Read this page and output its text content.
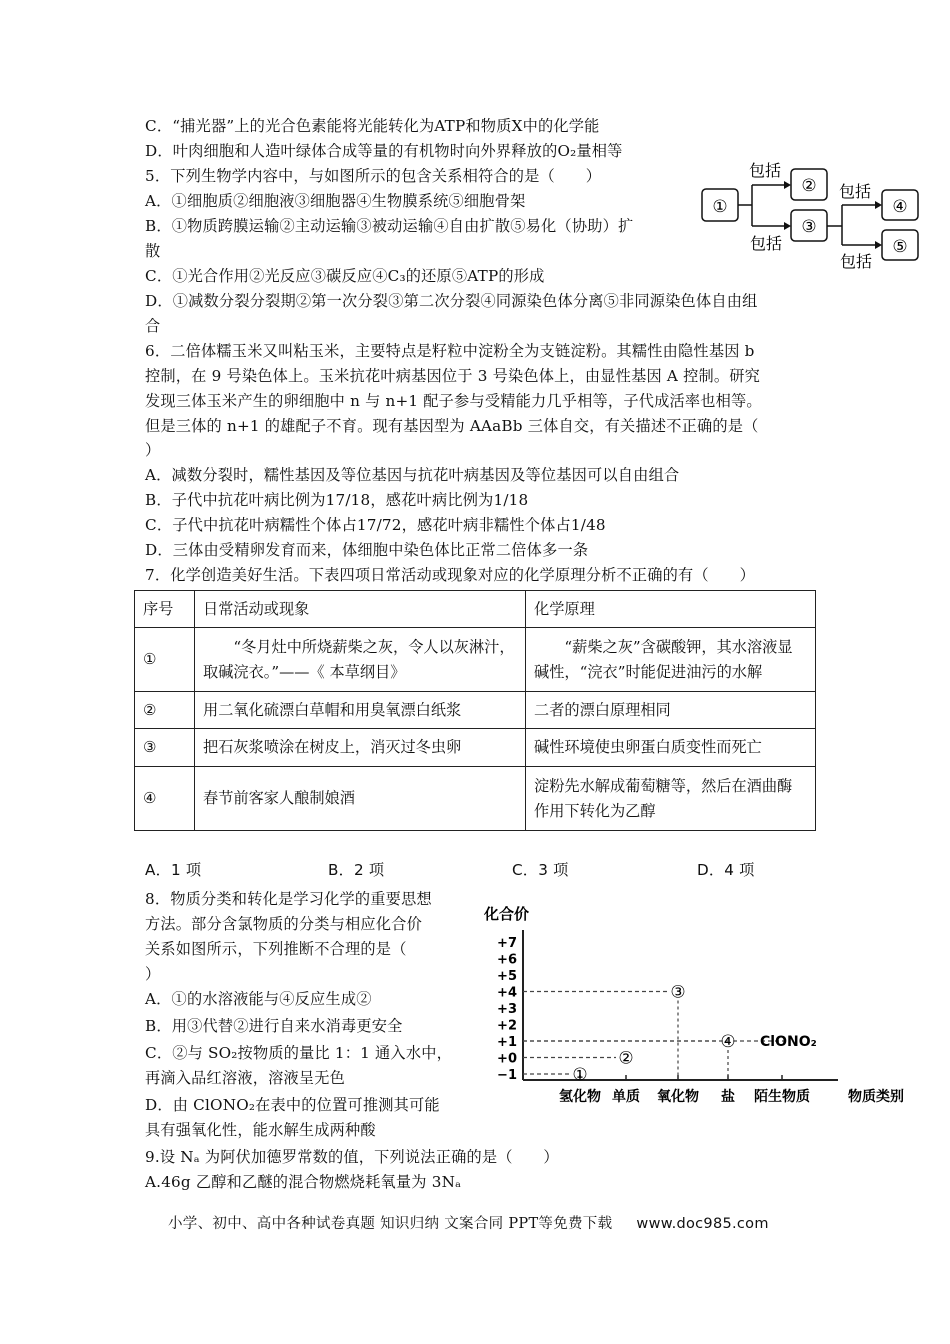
C．“捕光器”上的光合色素能将光能转化为ATP和物质X中的化学能
D．叶肉细胞和人造叶绿体合成等量的有机物时向外界释放的O₂量相等
5．下列生物学内容中，与如图所示的包含关系相符合的是（　　）
A．①细胞质②细胞液③细胞器④生物膜系统⑤细胞骨架
B．①物质跨膜运输②主动运输③被动运输④自由扩散⑤易化（协助）扩
散
C．①光合作用②光反应③碳反应④C₃的还原⑤ATP的形成
D．①减数分裂分裂期②第一次分裂③第二次分裂④同源染色体分离⑤非同源染色体自由组
合
①
②
③
④
⑤
包括
包括
包括
包括
6．二倍体糯玉米又叫粘玉米，主要特点是籽粒中淀粉全为支链淀粉。其糯性由隐性基因 b
控制，在 9 号染色体上。玉米抗花叶病基因位于 3 号染色体上，由显性基因 A 控制。研究
发现三体玉米产生的卵细胞中 n 与 n+1 配子参与受精能力几乎相等，子代成活率也相等。
但是三体的 n+1 的雄配子不育。现有基因型为 AAaBb 三体自交，有关描述不正确的是（
）
A．减数分裂时，糯性基因及等位基因与抗花叶病基因及等位基因可以自由组合
B．子代中抗花叶病比例为17/18，感花叶病比例为1/18
C．子代中抗花叶病糯性个体占17/72，感花叶病非糯性个体占1/48
D．三体由受精卵发育而来，体细胞中染色体比正常二倍体多一条
7．化学创造美好生活。下表四项日常活动或现象对应的化学原理分析不正确的有（　　）
序号	日常活动或现象	化学原理
①	“冬月灶中所烧薪柴之灰，令人以灰淋汁，取碱浣衣。”——《 本草纲目》	“薪柴之灰”含碳酸钾，其水溶液显碱性，“浣衣”时能促进油污的水解
②	用二氧化硫漂白草帽和用臭氧漂白纸浆	二者的漂白原理相同
③	把石灰浆喷涂在树皮上，消灭过冬虫卵	碱性环境使虫卵蛋白质变性而死亡
④	春节前客家人酿制娘酒	淀粉先水解成葡萄糖等，然后在酒曲酶作用下转化为乙醇
A．1 项	B．2 项	C．3 项	D．4 项
8．物质分类和转化是学习化学的重要思想
方法。部分含氯物质的分类与相应化合价
关系如图所示，下列推断不合理的是（
）
A．①的水溶液能与④反应生成②
B．用③代替②进行自来水消毒更安全
C．②与 SO₂按物质的量比 1：1 通入水中，
再滴入品红溶液，溶液呈无色
D．由 ClONO₂在表中的位置可推测其可能
具有强氧化性，能水解生成两种酸
化合价
物质类别
+7
+6
+5
+4
+3
+2
+1
+0
−1
氢化物 单质 氧化物 盐 陌生物质
①
②
③
④ ClONO₂
9.设 Nₐ 为阿伏加德罗常数的值，下列说法正确的是（　　）
A.46g 乙醇和乙醚的混合物燃烧耗氧量为 3Nₐ
小学、初中、高中各种试卷真题 知识归纳 文案合同 PPT等免费下载 www.doc985.com
